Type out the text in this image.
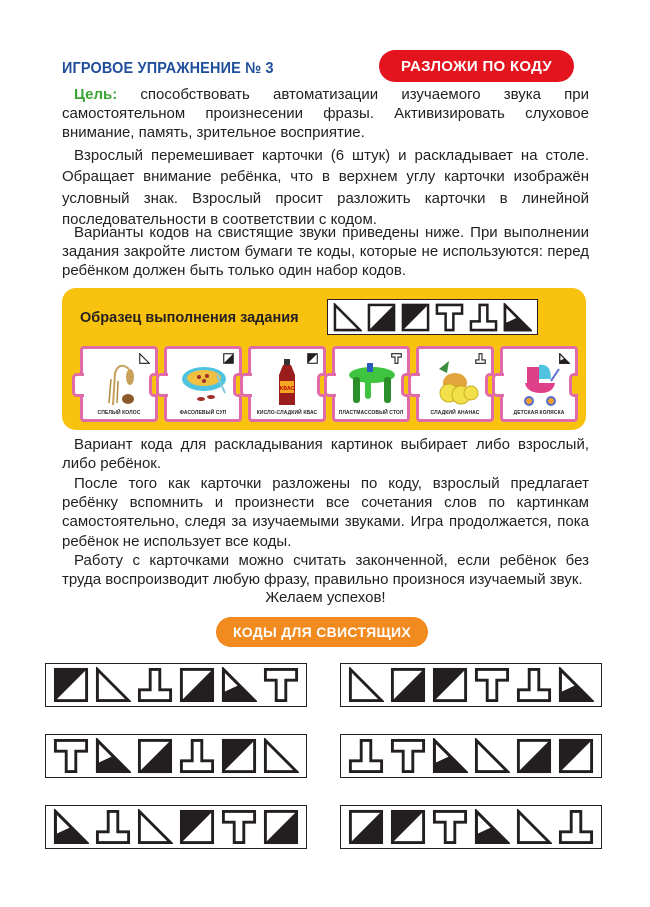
ИГРОВОЕ УПРАЖНЕНИЕ № 3	РАЗЛОЖИ ПО КОДУ

Цель: способствовать автоматизации изучаемого звука при самостоятельном произнесении фразы. Активизировать слуховое внимание, память, зрительное восприятие.

Взрослый перемешивает карточки (6 штук) и раскладывает на столе. Обращает внимание ребёнка, что в верхнем углу карточки изображён условный знак. Взрослый просит разложить карточки в линейной последовательности в соответствии с кодом.

Варианты кодов на свистящие звуки приведены ниже. При выполнении задания закройте листом бумаги те коды, которые не используются: перед ребёнком должен быть только один набор кодов.

Образец выполнения задания
СПЕЛЫЙ КОЛОС	ФАСОЛЕВЫЙ СУП
KBAC
КИСЛО-СЛАДКИЙ КВАС	ПЛАСТМАССОВЫЙ СТОЛ	СЛАДКИЙ АНАНАС	ДЕТСКАЯ КОЛЯСКА

Вариант кода для раскладывания картинок выбирает либо взрослый, либо ребёнок.

После того как карточки разложены по коду, взрослый предлагает ребёнку вспомнить и произнести все сочетания слов по картинкам самостоятельно, следя за изучаемыми звуками. Игра продолжается, пока ребёнок не использует все коды.

Работу с карточками можно считать законченной, если ребёнок без труда воспроизводит любую фразу, правильно произнося изучаемый звук.

Желаем успехов!
КОДЫ ДЛЯ СВИСТЯЩИХ
